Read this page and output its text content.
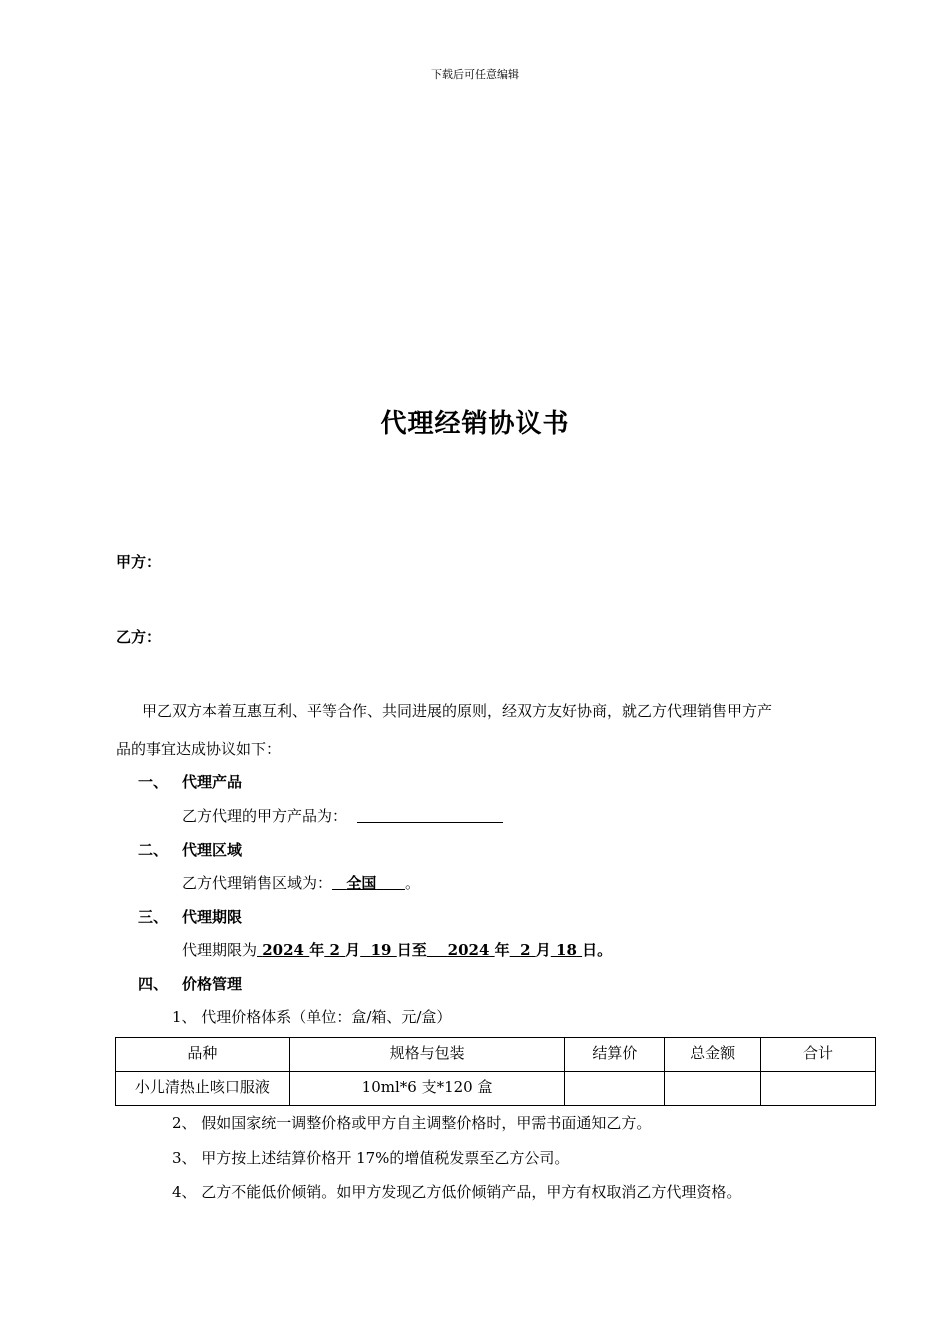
下载后可任意编辑
代理经销协议书
甲方：
乙方：
甲乙双方本着互惠互利、平等合作、共同进展的原则，经双方友好协商，就乙方代理销售甲方产
品的事宜达成协议如下：
一、 代理产品
乙方代理的甲方产品为：
二、 代理区域
乙方代理销售区域为： 全国 。
三、 代理期限
代理期限为 2024 年 2 月 19 日至 2024 年 2 月 18 日。
四、 价格管理
1、 代理价格体系（单位：盒/箱、元/盒）
品种	规格与包装	结算价	总金额	合计
小儿清热止咳口服液	10ml*6 支*120 盒			
2、 假如国家统一调整价格或甲方自主调整价格时，甲需书面通知乙方。
3、 甲方按上述结算价格开 17%的增值税发票至乙方公司。
4、 乙方不能低价倾销。如甲方发现乙方低价倾销产品，甲方有权取消乙方代理资格。
